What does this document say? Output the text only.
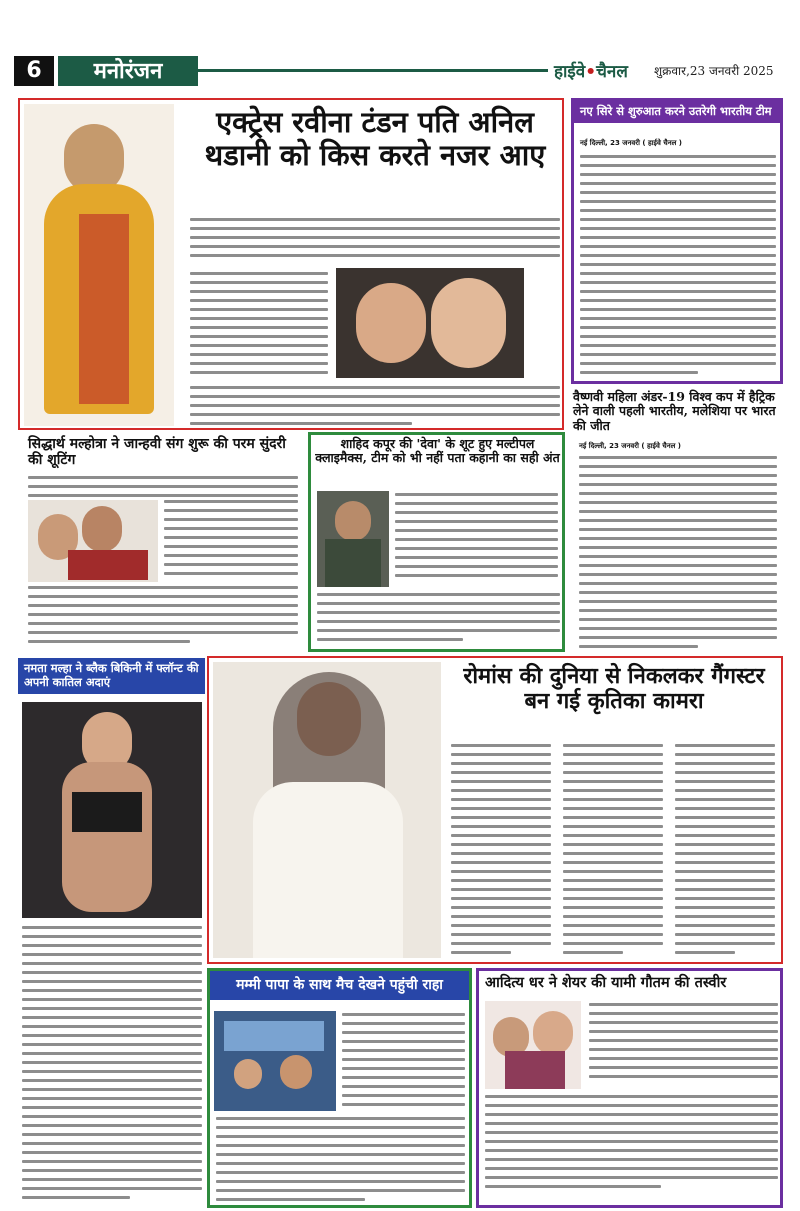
6	मनोरंजन	हाईवे•चैनल शुक्रवार,23 जनवरी 2025
एक्ट्रेस रवीना टंडन पति अनिल थडानी को किस करते नजर आए
नए सिरे से शुरुआत करने उतरेगी भारतीय टीम
नई दिल्ली, 23 जनवरी ( हाईवे चैनल )
वैष्णवी महिला अंडर-19 विश्व कप में हैट्रिक लेने वाली पहली भारतीय, मलेशिया पर भारत की जीत
नई दिल्ली, 23 जनवरी ( हाईवे चैनल )
सिद्धार्थ मल्होत्रा ने जान्हवी संग शुरू की परम सुंदरी की शूटिंग
शाहिद कपूर की 'देवा' के शूट हुए मल्टीपल क्लाइमैक्स, टीम को भी नहीं पता कहानी का सही अंत
नमता मल्हा ने ब्लैक बिकिनी में फ्लॉन्ट की अपनी कातिल अदाएं	रोमांस की दुनिया से निकलकर गैंगस्टर बन गई कृतिका कामरा
मम्मी पापा के साथ मैच देखने पहुंची राहा	आदित्य धर ने शेयर की यामी गौतम की तस्वीर
